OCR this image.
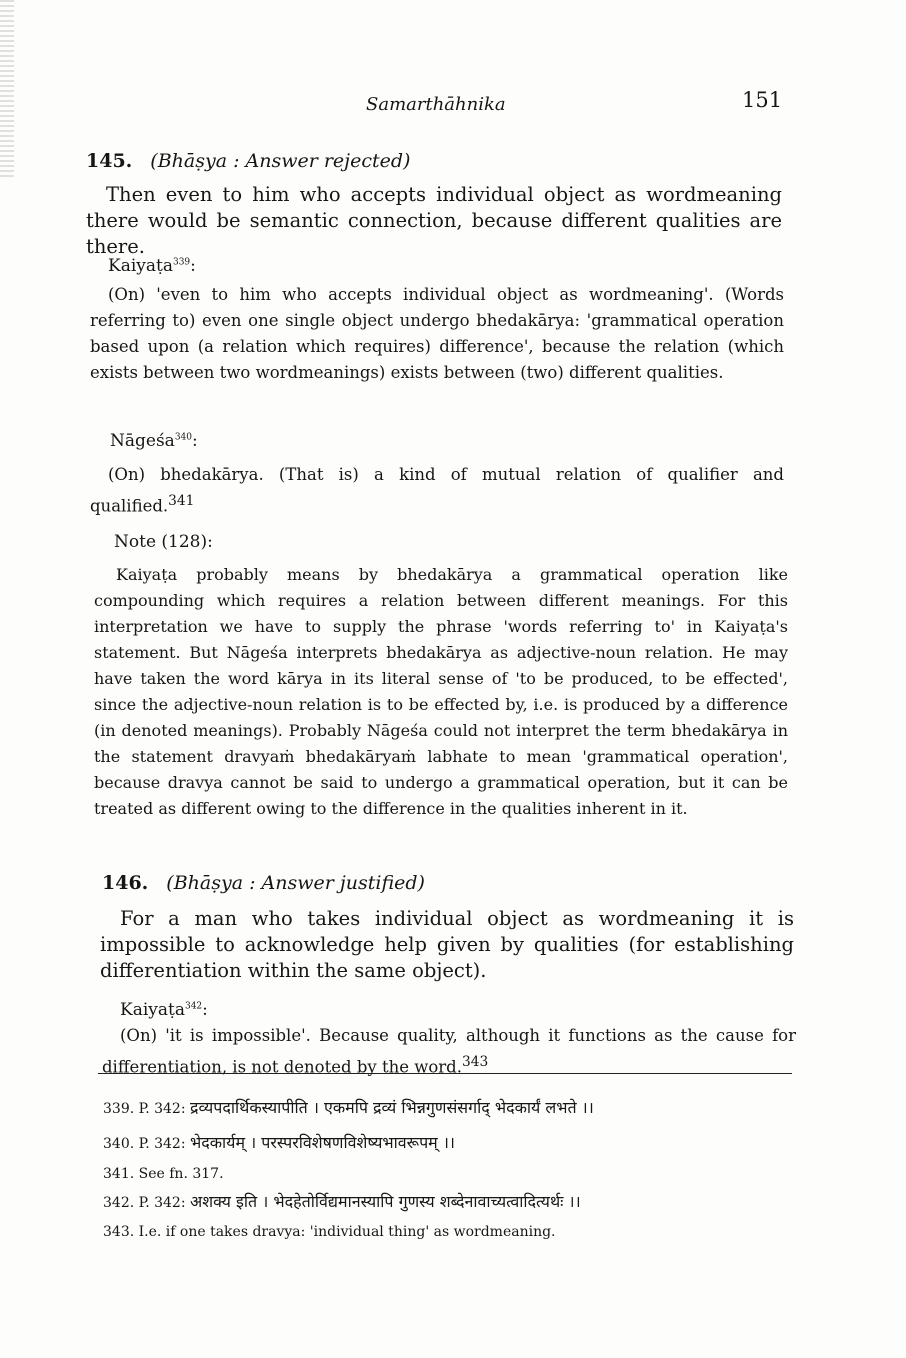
Samarthāhnika	151
145. (Bhāṣya : Answer rejected)
Then even to him who accepts individual object as wordmeaning there would be semantic connection, because different qualities are there.
Kaiyaṭa$^{339}$:
(On) 'even to him who accepts individual object as wordmeaning'. (Words referring to) even one single object undergo bhedakārya: 'grammatical operation based upon (a relation which requires) difference', because the relation (which exists between two wordmeanings) exists between (two) different qualities.
Nāgeśa$^{340}$:
(On) bhedakārya. (That is) a kind of mutual relation of qualifier and qualified.$^{341}$
Note (128):
Kaiyaṭa probably means by bhedakārya a grammatical operation like compounding which requires a relation between different meanings. For this interpretation we have to supply the phrase 'words referring to' in Kaiyaṭa's statement. But Nāgeśa interprets bhedakārya as adjective-noun relation. He may have taken the word kārya in its literal sense of 'to be produced, to be effected', since the adjective-noun relation is to be effected by, i.e. is produced by a difference (in denoted meanings). Probably Nāgeśa could not interpret the term bhedakārya in the statement dravyaṁ bhedakāryaṁ labhate to mean 'grammatical operation', because dravya cannot be said to undergo a grammatical operation, but it can be treated as different owing to the difference in the qualities inherent in it.
146. (Bhāṣya : Answer justified)
For a man who takes individual object as wordmeaning it is impossible to acknowledge help given by qualities (for establishing differentiation within the same object).
Kaiyaṭa$^{342}$:
(On) 'it is impossible'. Because quality, although it functions as the cause for differentiation, is not denoted by the word.$^{343}$
339. P. 342: द्रव्यपदार्थिकस्यापीति । एकमपि द्रव्यं भिन्नगुणसंसर्गाद् भेदकार्यं लभते ।।
340. P. 342: भेदकार्यम् । परस्परविशेषणविशेष्यभावरूपम् ।।
341. See fn. 317.
342. P. 342: अशक्य इति । भेदहेतोर्विद्यमानस्यापि गुणस्य शब्देनावाच्यत्वादित्यर्थः ।।
343. I.e. if one takes dravya: 'individual thing' as wordmeaning.
